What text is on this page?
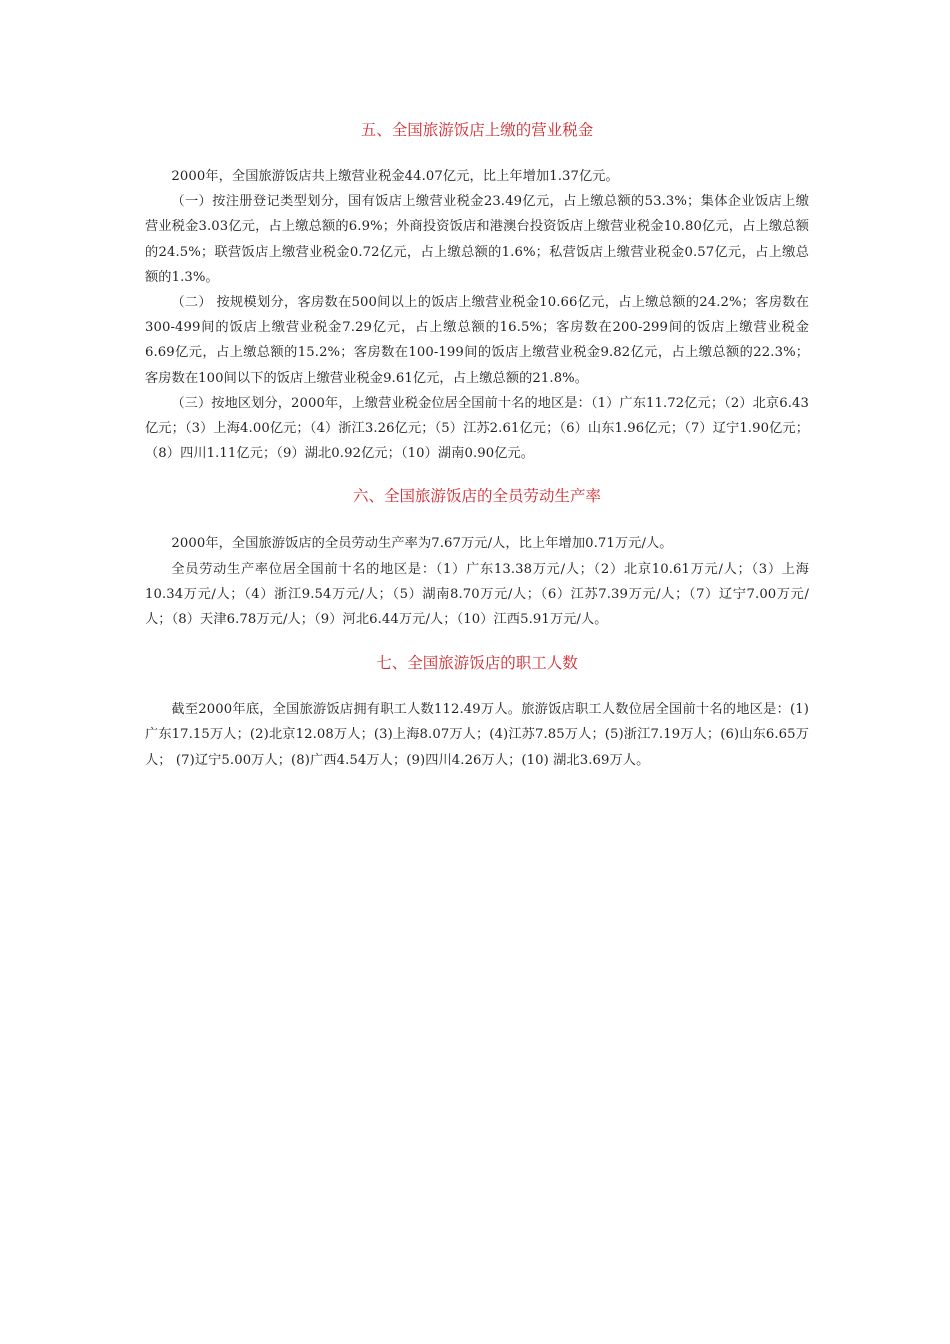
五、全国旅游饭店上缴的营业税金

2000年，全国旅游饭店共上缴营业税金44.07亿元，比上年增加1.37亿元。

（一）按注册登记类型划分，国有饭店上缴营业税金23.49亿元，占上缴总额的53.3%；集体企业饭店上缴营业税金3.03亿元，占上缴总额的6.9%；外商投资饭店和港澳台投资饭店上缴营业税金10.80亿元，占上缴总额的24.5%；联营饭店上缴营业税金0.72亿元，占上缴总额的1.6%；私营饭店上缴营业税金0.57亿元，占上缴总额的1.3%。

（二） 按规模划分，客房数在500间以上的饭店上缴营业税金10.66亿元，占上缴总额的24.2%；客房数在300-499间的饭店上缴营业税金7.29亿元，占上缴总额的16.5%；客房数在200-299间的饭店上缴营业税金6.69亿元，占上缴总额的15.2%；客房数在100-199间的饭店上缴营业税金9.82亿元，占上缴总额的22.3%；客房数在100间以下的饭店上缴营业税金9.61亿元，占上缴总额的21.8%。

（三）按地区划分，2000年，上缴营业税金位居全国前十名的地区是：（1）广东11.72亿元；（2）北京6.43亿元；（3）上海4.00亿元；（4）浙江3.26亿元；（5）江苏2.61亿元；（6）山东1.96亿元；（7）辽宁1.90亿元；（8）四川1.11亿元；（9）湖北0.92亿元；（10）湖南0.90亿元。

六、全国旅游饭店的全员劳动生产率

2000年，全国旅游饭店的全员劳动生产率为7.67万元/人，比上年增加0.71万元/人。

全员劳动生产率位居全国前十名的地区是：（1）广东13.38万元/人；（2）北京10.61万元/人；（3）上海10.34万元/人；（4）浙江9.54万元/人；（5）湖南8.70万元/人；（6）江苏7.39万元/人；（7）辽宁7.00万元/人；（8）天津6.78万元/人；（9）河北6.44万元/人；（10）江西5.91万元/人。

七、全国旅游饭店的职工人数

截至2000年底，全国旅游饭店拥有职工人数112.49万人。旅游饭店职工人数位居全国前十名的地区是：(1)广东17.15万人；(2)北京12.08万人；(3)上海8.07万人；(4)江苏7.85万人；(5)浙江7.19万人；(6)山东6.65万人； (7)辽宁5.00万人；(8)广西4.54万人；(9)四川4.26万人；(10) 湖北3.69万人。
